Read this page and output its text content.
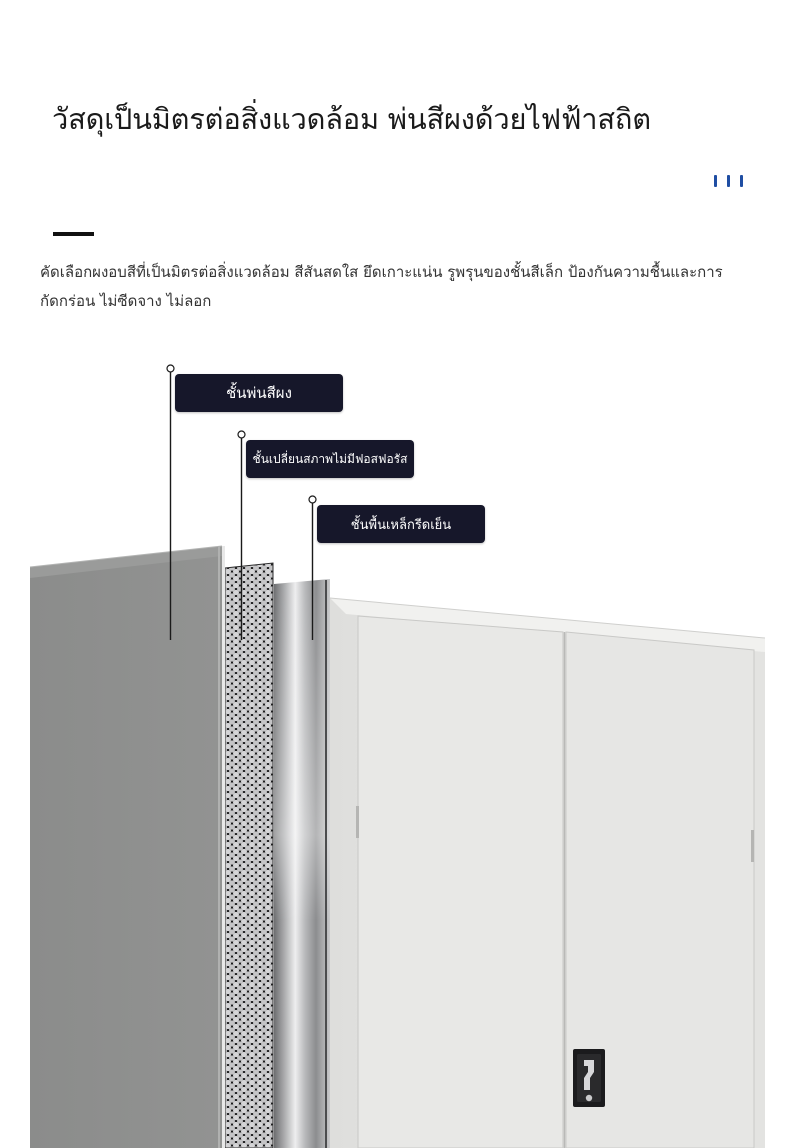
วัสดุเป็นมิตรต่อสิ่งแวดล้อม พ่นสีผงด้วยไฟฟ้าสถิต
คัดเลือกผงอบสีที่เป็นมิตรต่อสิ่งแวดล้อม สีสันสดใส ยึดเกาะแน่น รูพรุนของชั้นสีเล็ก ป้องกันความชื้นและการกัดกร่อน ไม่ซีดจาง ไม่ลอก
ชั้นพ่นสีผง
ชั้นเปลี่ยนสภาพไม่มีฟอสฟอรัส
ชั้นพื้นเหล็กรีดเย็น
